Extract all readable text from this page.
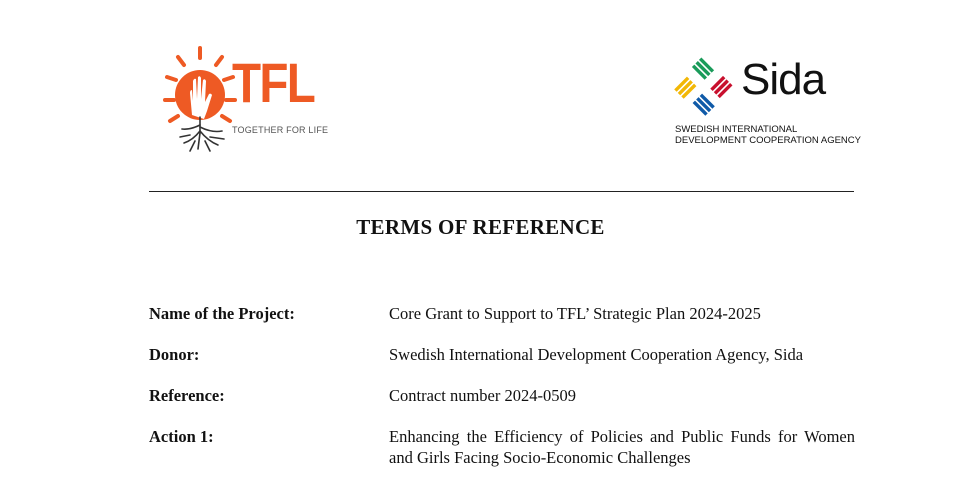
TFL
TOGETHER FOR LIFE
Sida
SWEDISH INTERNATIONAL
DEVELOPMENT COOPERATION AGENCY
TERMS OF REFERENCE
Name of the Project:	Core Grant to Support to TFL’ Strategic Plan 2024-2025
Donor:	Swedish International Development Cooperation Agency, Sida
Reference:	Contract number 2024-0509
Action 1:	Enhancing the Efficiency of Policies and Public Funds for Women and Girls Facing Socio-Economic Challenges
